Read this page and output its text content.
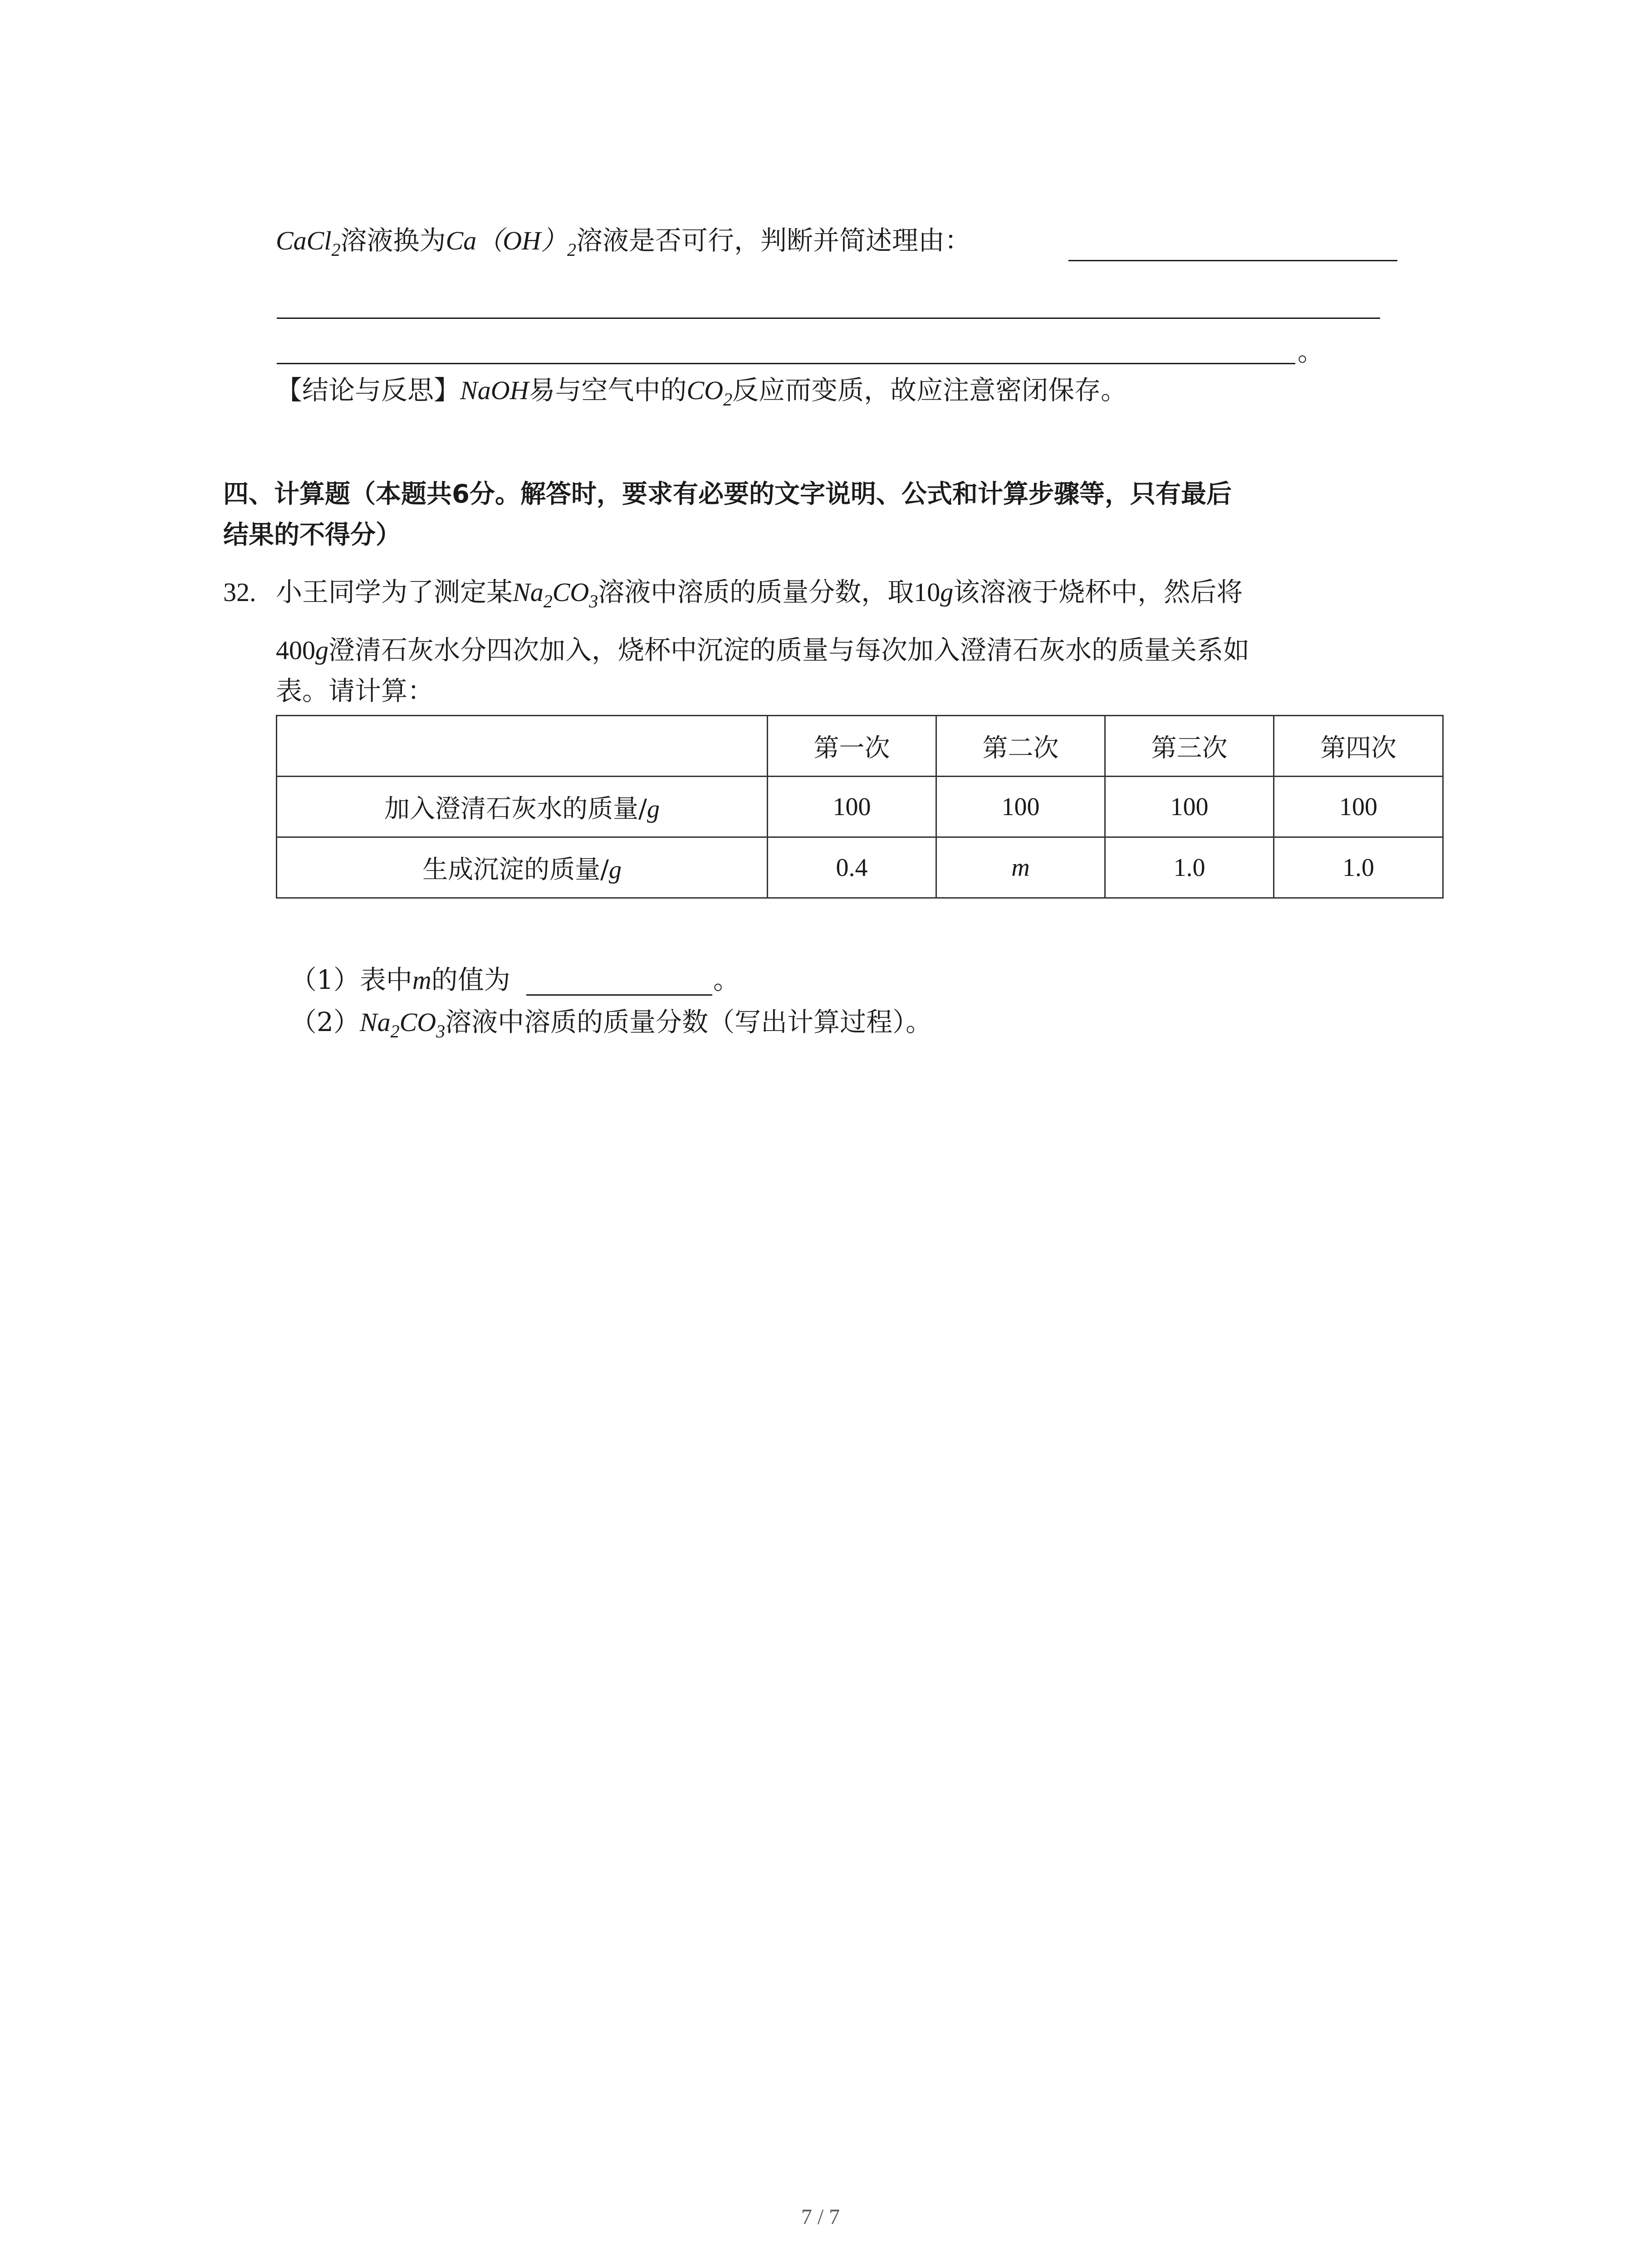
CaCl$_2$溶液换为$Ca(OH)_2$溶液是否可行，判断并简述理由：
。
【结论与反思】NaOH易与空气中的$CO_2$反应而变质，故应注意密闭保存。
四、计算题（本题共6分。解答时，要求有必要的文字说明、公式和计算步骤等，只有最后
结果的不得分）
32. 小王同学为了测定某$Na_2CO_3$溶液中溶质的质量分数，取10g该溶液于烧杯中，然后将
400g澄清石灰水分四次加入，烧杯中沉淀的质量与每次加入澄清石灰水的质量关系如
表。请计算：
	第一次	第二次	第三次	第四次
加入澄清石灰水的质量/g	100	100	100	100
生成沉淀的质量/g	0.4	m	1.0	1.0
（1）表中m的值为	。
$(2)Na_2CO_3$溶液中溶质的质量分数（写出计算过程）。
7 / 7
